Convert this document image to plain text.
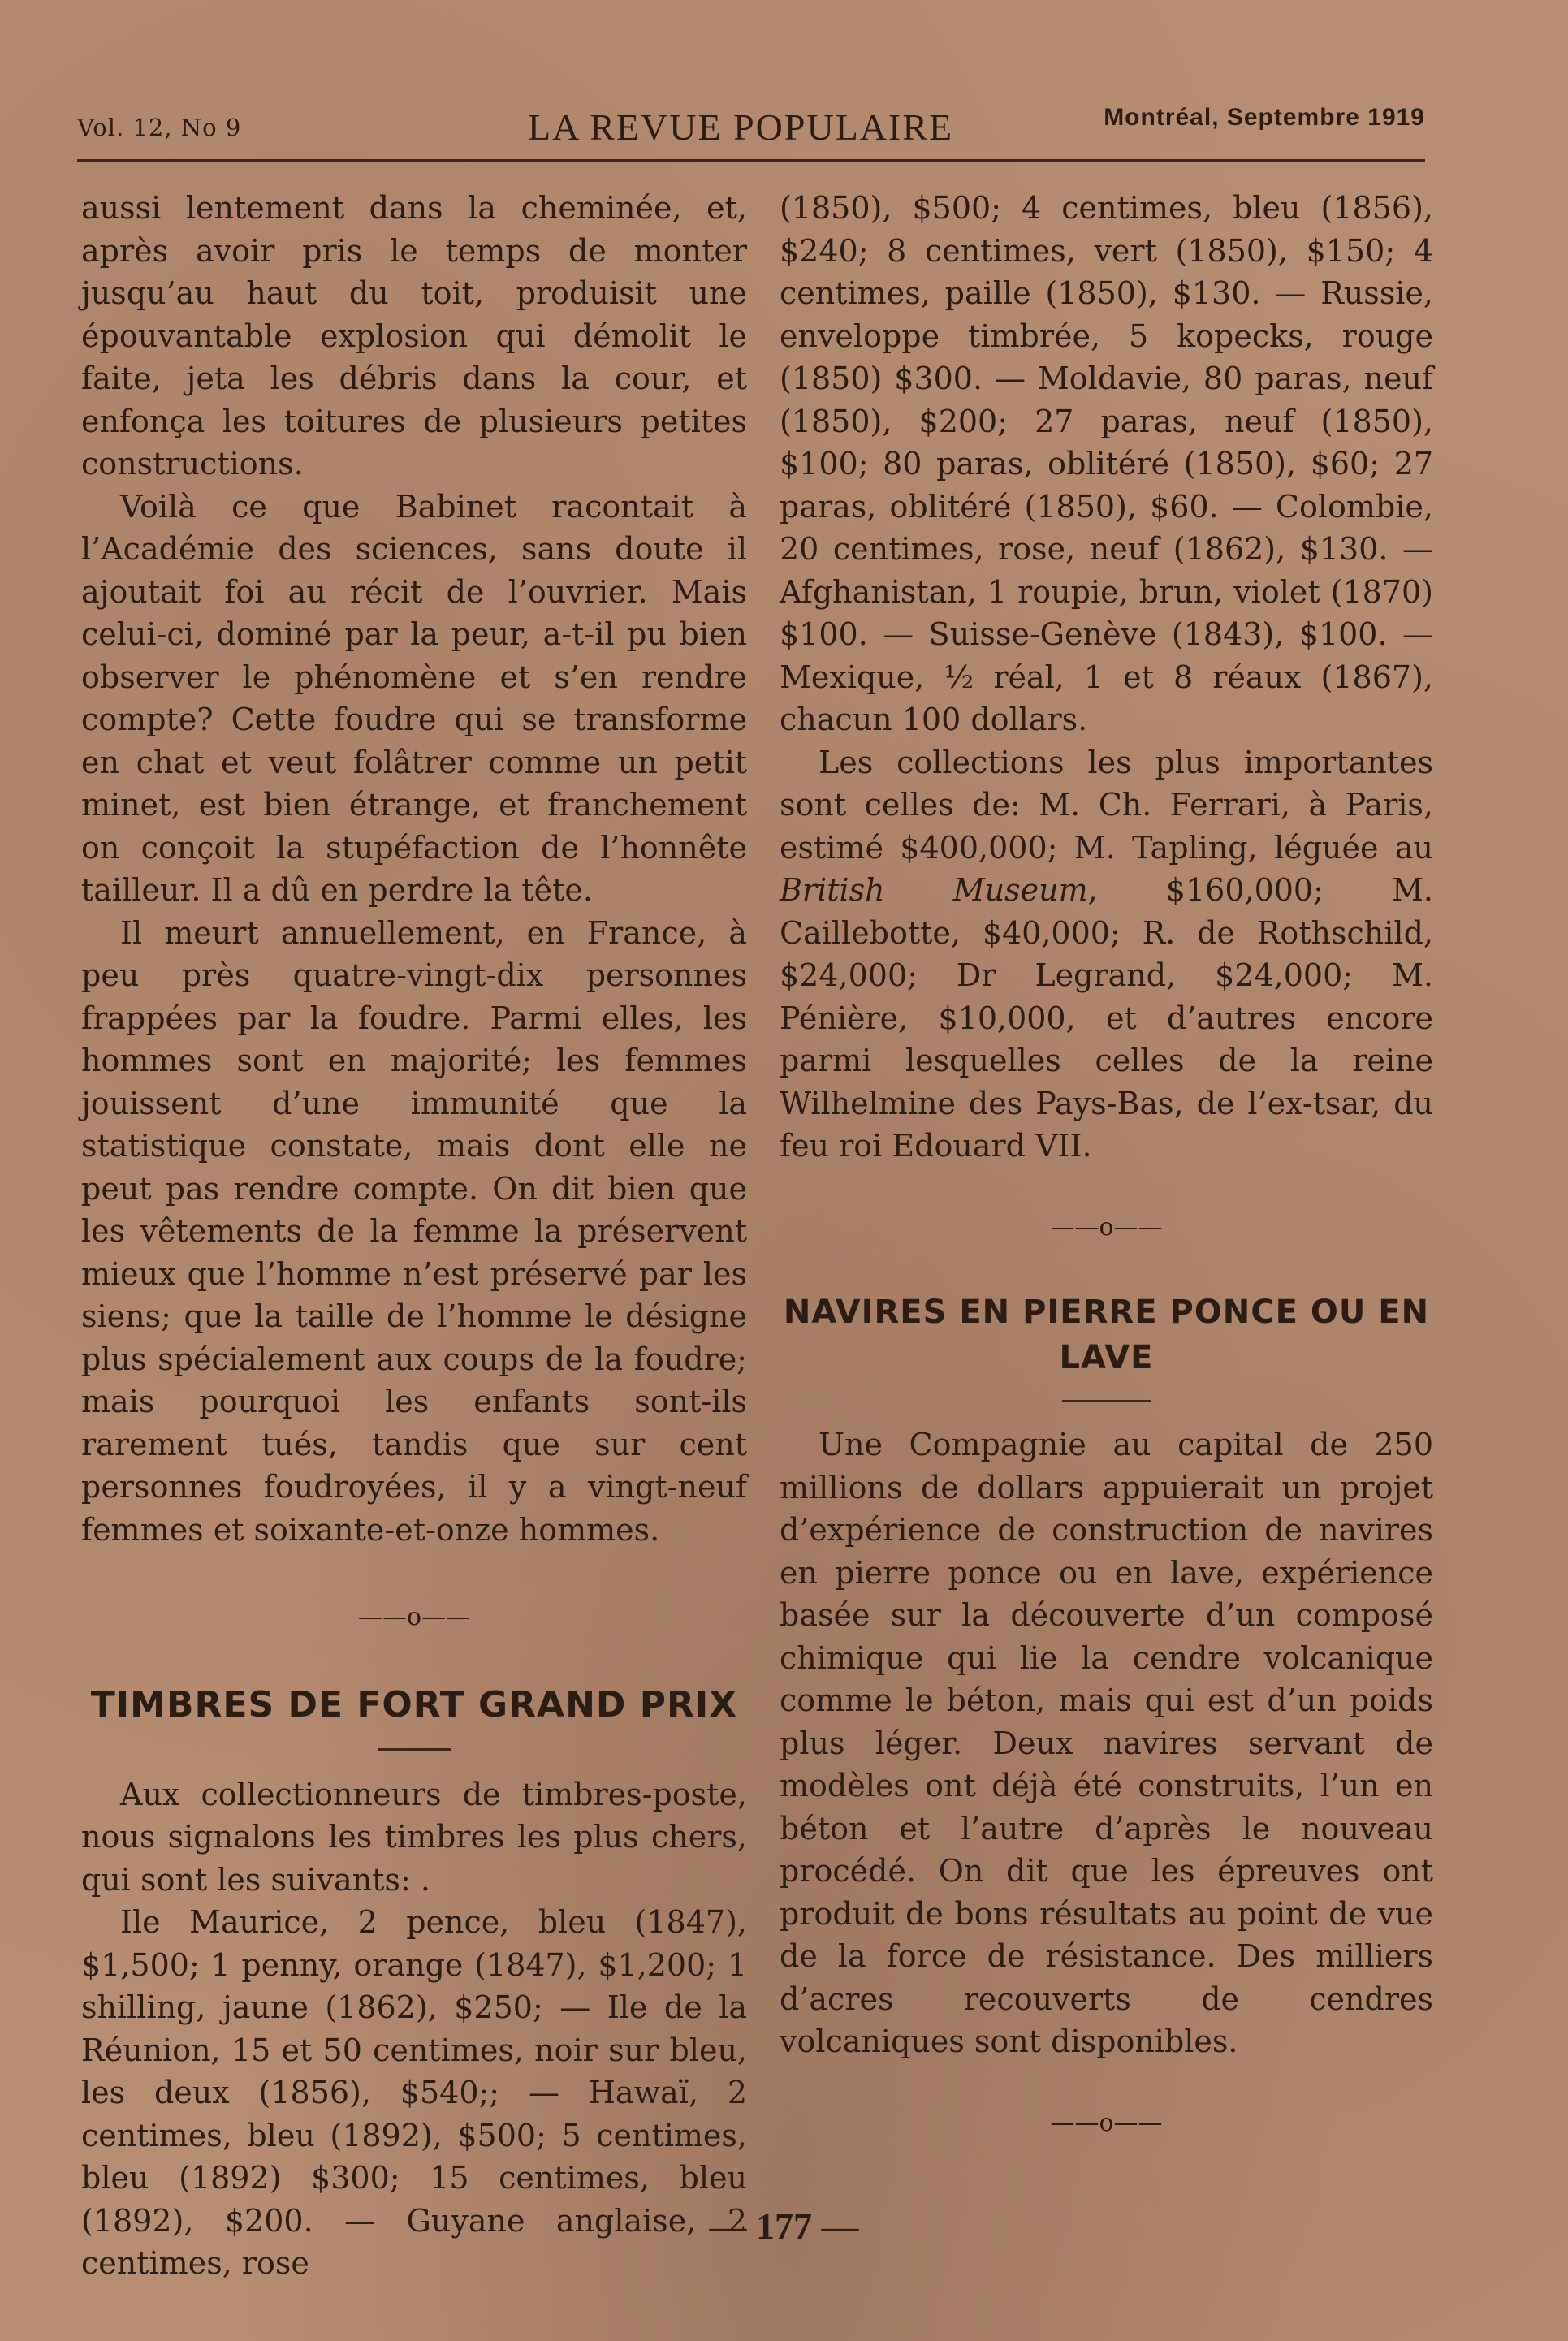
Vol. 12, No 9	LA REVUE POPULAIRE	Montréal, Septembre 1919

aussi lentement dans la cheminée, et, après avoir pris le temps de monter jusqu’au haut du toit, produisit une épouvantable explosion qui démolit le faite, jeta les débris dans la cour, et enfonça les toitures de plusieurs petites constructions.

Voilà ce que Babinet racontait à l’Académie des sciences, sans doute il ajoutait foi au récit de l’ouvrier. Mais celui-ci, dominé par la peur, a-t-il pu bien observer le phénomène et s’en rendre compte? Cette foudre qui se transforme en chat et veut folâtrer comme un petit minet, est bien étrange, et franchement on conçoit la stupéfaction de l’honnête tailleur. Il a dû en perdre la tête.

Il meurt annuellement, en France, à peu près quatre-vingt-dix personnes frappées par la foudre. Parmi elles, les hommes sont en majorité; les femmes jouissent d’une immunité que la statistique constate, mais dont elle ne peut pas rendre compte. On dit bien que les vêtements de la femme la préservent mieux que l’homme n’est préservé par les siens; que la taille de l’homme le désigne plus spécialement aux coups de la foudre; mais pourquoi les enfants sont-ils rarement tués, tandis que sur cent personnes foudroyées, il y a vingt-neuf femmes et soixante-et-onze hommes.

——o——
TIMBRES DE FORT GRAND PRIX

Aux collectionneurs de timbres-poste, nous signalons les timbres les plus chers, qui sont les suivants: .

Ile Maurice, 2 pence, bleu (1847), $1,500; 1 penny, orange (1847), $1,200; 1 shilling, jaune (1862), $250; — Ile de la Réunion, 15 et 50 centimes, noir sur bleu, les deux (1856), $540;; — Hawaï, 2 centimes, bleu (1892), $500; 5 centimes, bleu (1892) $300; 15 centimes, bleu (1892), $200. — Guyane anglaise, 2 centimes, rose

(1850), $500; 4 centimes, bleu (1856), $240; 8 centimes, vert (1850), $150; 4 centimes, paille (1850), $130. — Russie, enveloppe timbrée, 5 kopecks, rouge (1850) $300. — Moldavie, 80 paras, neuf (1850), $200; 27 paras, neuf (1850), $100; 80 paras, oblitéré (1850), $60; 27 paras, oblitéré (1850), $60. — Colombie, 20 centimes, rose, neuf (1862), $130. — Afghanistan, 1 roupie, brun, violet (1870) $100. — Suisse-Genève (1843), $100. — Mexique, ½ réal, 1 et 8 réaux (1867), chacun 100 dollars.

Les collections les plus importantes sont celles de: M. Ch. Ferrari, à Paris, estimé $400,000; M. Tapling, léguée au British Museum, $160,000; M. Caillebotte, $40,000; R. de Rothschild, $24,000; Dr Legrand, $24,000; M. Pénière, $10,000, et d’autres encore parmi lesquelles celles de la reine Wilhelmine des Pays-Bas, de l’ex-tsar, du feu roi Edouard VII.

——o——
NAVIRES EN PIERRE PONCE OU EN LAVE

Une Compagnie au capital de 250 millions de dollars appuierait un projet d’expérience de construction de navires en pierre ponce ou en lave, expérience basée sur la découverte d’un composé chimique qui lie la cendre volcanique comme le béton, mais qui est d’un poids plus léger. Deux navires servant de modèles ont déjà été construits, l’un en béton et l’autre d’après le nouveau procédé. On dit que les épreuves ont produit de bons résultats au point de vue de la force de résistance. Des milliers d’acres recouverts de cendres volcaniques sont disponibles.

——o——
— 177 —
